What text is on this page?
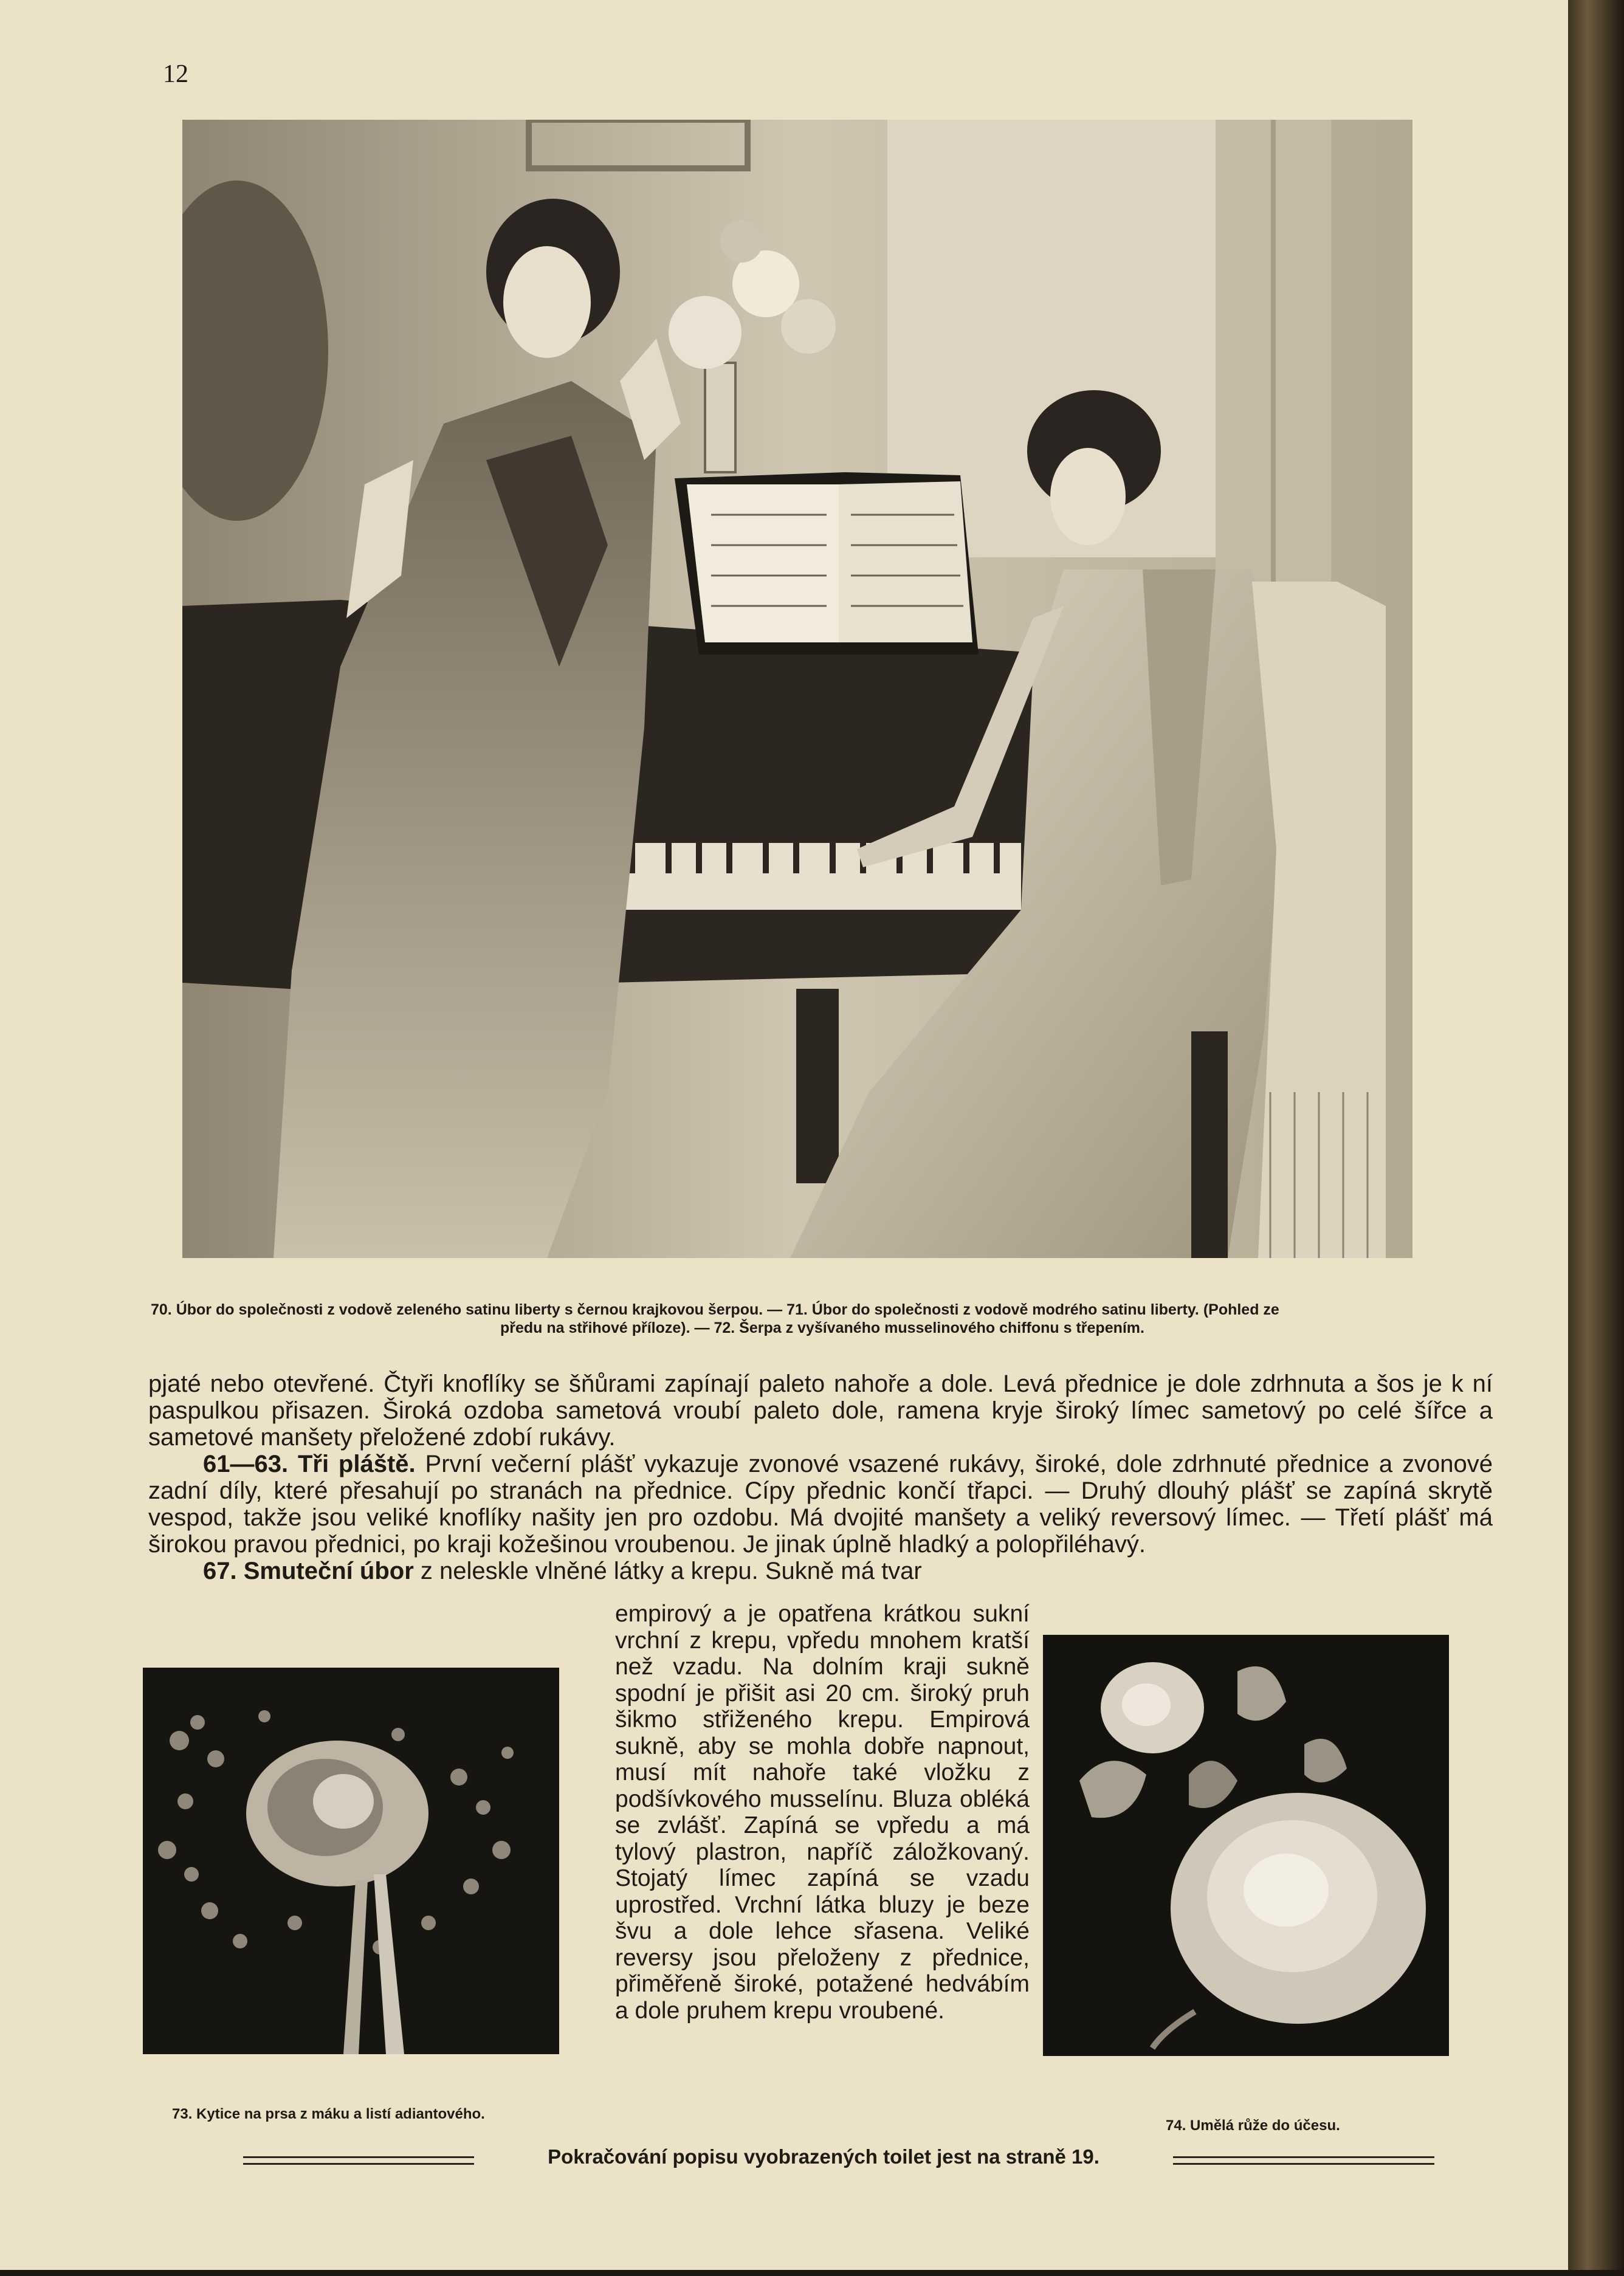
12
70. Úbor do společnosti z vodově zeleného satinu liberty s černou krajkovou šerpou. — 71. Úbor do společnosti z vodově modrého satinu liberty. (Pohled ze
předu na střihové příloze). — 72. Šerpa z vyšívaného musselinového chiffonu s třepením.

pjaté nebo otevřené. Čtyři knoflíky se šňůrami zapínají paleto nahoře a dole. Levá přednice je dole zdrhnuta a šos je k ní paspulkou přisazen. Široká ozdoba sametová vroubí paleto dole, ramena kryje široký límec sametový po celé šířce a sametové manšety přeložené zdobí rukávy.

61—63. Tři pláště. První večerní plášť vykazuje zvonové vsazené rukávy, široké, dole zdrhnuté přednice a zvonové zadní díly, které přesahují po stranách na přednice. Cípy přednic končí třapci. — Druhý dlouhý plášť se zapíná skrytě vespod, takže jsou veliké knoflíky našity jen pro ozdobu. Má dvojité manšety a veliký reversový límec. — Třetí plášť má širokou pravou přednici, po kraji kožešinou vroubenou. Je jinak úplně hladký a polopřiléhavý.

67. Smuteční úbor z neleskle vlněné látky a krepu. Sukně má tvar

empirový a je opatřena krátkou sukní vrchní z krepu, vpředu mnohem kratší než vzadu. Na dolním kraji sukně spodní je přišit asi 20 cm. široký pruh šikmo střiženého krepu. Empirová sukně, aby se mohla dobře napnout, musí mít nahoře také vložku z podšívkového musselínu. Bluza obléká se zvlášť. Zapíná se vpředu a má tylový plastron, napříč záložkovaný. Stojatý límec zapíná se vzadu uprostřed. Vrchní látka bluzy je beze švu a dole lehce sřasena. Veliké reversy jsou přeloženy z přednice, přiměřeně široké, potažené hedvábím a dole pruhem krepu vroubené.
73. Kytice na prsa z máku a listí adiantového.
74. Umělá růže do účesu.
Pokračování popisu vyobrazených toilet jest na straně 19.
